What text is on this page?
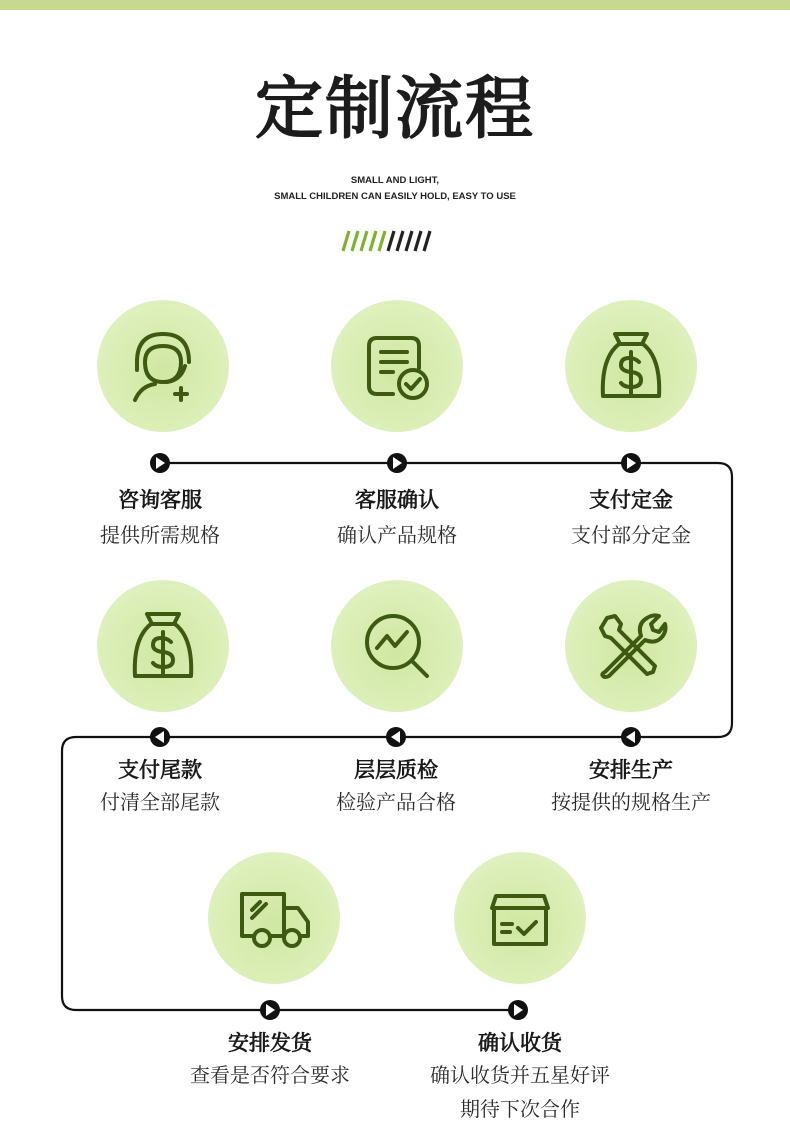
定制流程
SMALL AND LIGHT,
SMALL CHILDREN CAN EASILY HOLD, EASY TO USE
咨询客服
提供所需规格
客服确认
确认产品规格
支付定金
支付部分定金
支付尾款
付清全部尾款
层层质检
检验产品合格
安排生产
按提供的规格生产
安排发货
查看是否符合要求
确认收货
确认收货并五星好评
期待下次合作
